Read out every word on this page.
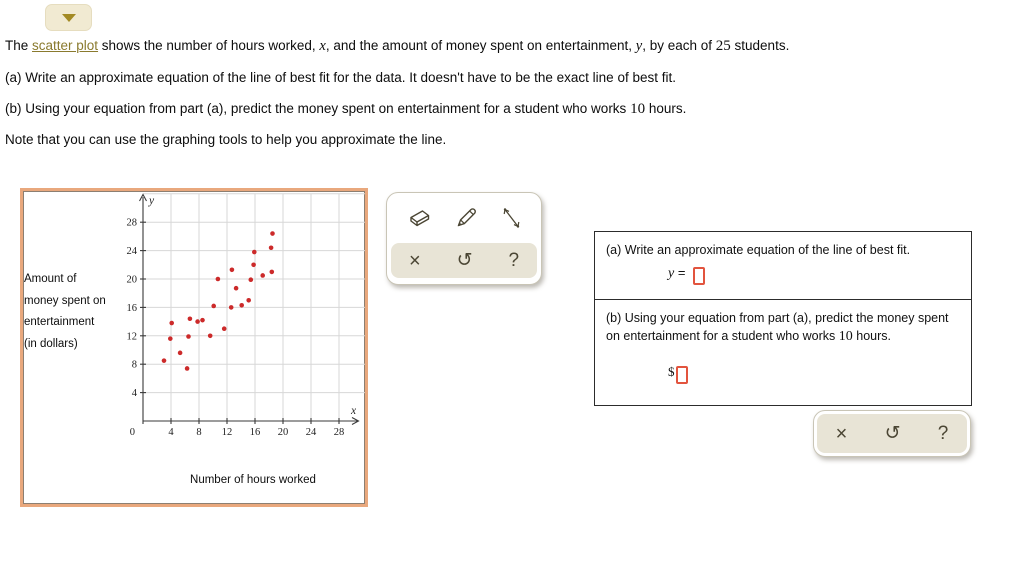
The scatter plot shows the number of hours worked, x, and the amount of money spent on entertainment, y, by each of 25 students.
(a) Write an approximate equation of the line of best fit for the data. It doesn't have to be the exact line of best fit.
(b) Using your equation from part (a), predict the money spent on entertainment for a student who works 10 hours.
Note that you can use the graphing tools to help you approximate the line.
Amount of
money spent on
entertainment
(in dollars)
4 8 12 16 20 24 28
4
8
12
16
20
24
28
0
y
x
Number of hours worked
× ↺ ?	(a) Write an approximate equation of the line of best fit.
y =
(b) Using your equation from part (a), predict the money spent
on entertainment for a student who works 10 hours.
$
× ↺ ?
